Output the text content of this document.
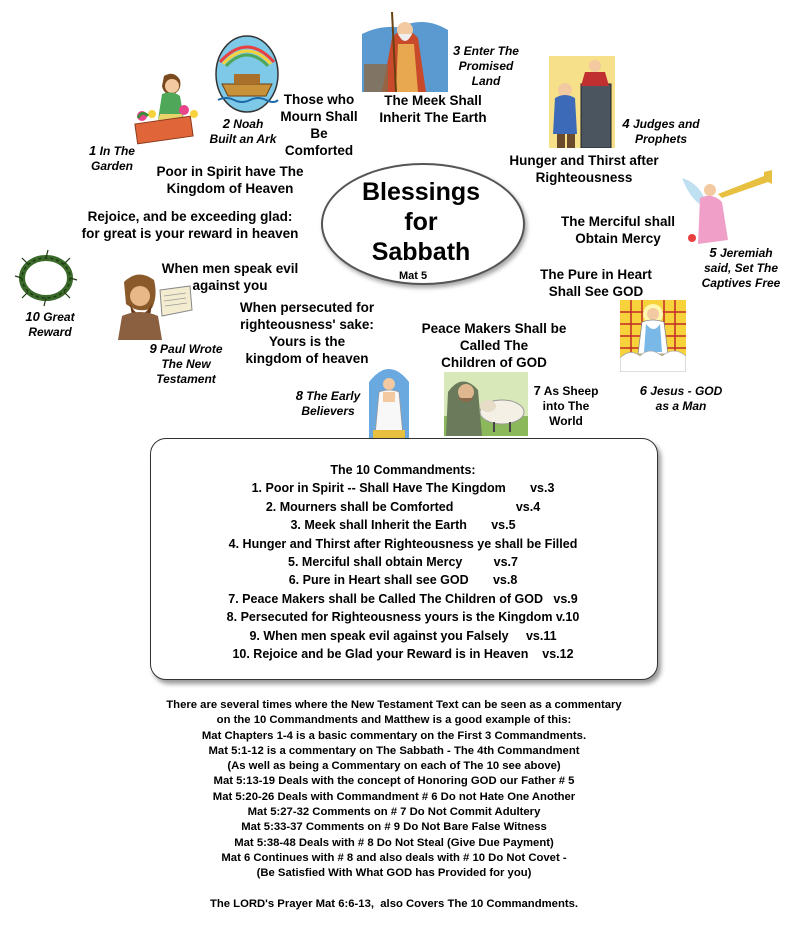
1 In The
Garden
2 Noah
Built an Ark
3 Enter The
Promised
Land
4 Judges and
Prophets
5 Jeremiah
said, Set The
Captives Free
6 Jesus - GOD
as a Man
7 As Sheep
into The
World
8 The Early
Believers
9 Paul Wrote
The New
Testament
10 Great
Reward
Those who
Mourn Shall
Be
Comforted
The Meek Shall
Inherit The Earth
Poor in Spirit have The
Kingdom of Heaven
Hunger and Thirst after
Righteousness
Rejoice, and be exceeding glad:
for great is your reward in heaven
The Merciful shall
Obtain Mercy
When men speak evil
against you
The Pure in Heart
Shall See GOD
When persecuted for
righteousness' sake:
Yours is the
kingdom of heaven
Peace Makers Shall be
Called The
Children of GOD
Blessings
for
Sabbath
Mat 5
The 10 Commandments:
1. Poor in Spirit -- Shall Have The Kingdom       vs.3
2. Mourners shall be Comforted                  vs.4
3. Meek shall Inherit the Earth       vs.5
4. Hunger and Thirst after Righteousness ye shall be Filled
5. Merciful shall obtain Mercy         vs.7
6. Pure in Heart shall see GOD       vs.8
7. Peace Makers shall be Called The Children of GOD   vs.9
8. Persecuted for Righteousness yours is the Kingdom v.10
9. When men speak evil against you Falsely     vs.11
10. Rejoice and be Glad your Reward is in Heaven    vs.12
There are several times where the New Testament Text can be seen as a commentary
on the 10 Commandments and Matthew is a good example of this:
Mat Chapters 1-4 is a basic commentary on the First 3 Commandments.
Mat 5:1-12 is a commentary on The Sabbath - The 4th Commandment
(As well as being a Commentary on each of The 10 see above)
Mat 5:13-19 Deals with the concept of Honoring GOD our Father # 5
Mat 5:20-26 Deals with Commandment # 6 Do not Hate One Another
Mat 5:27-32 Comments on # 7 Do Not Commit Adultery
Mat 5:33-37 Comments on # 9 Do Not Bare False Witness
Mat 5:38-48 Deals with # 8 Do Not Steal (Give Due Payment)
Mat 6 Continues with # 8 and also deals with # 10 Do Not Covet -
(Be Satisfied With What GOD has Provided for you)
The LORD's Prayer Mat 6:6-13,  also Covers The 10 Commandments.
